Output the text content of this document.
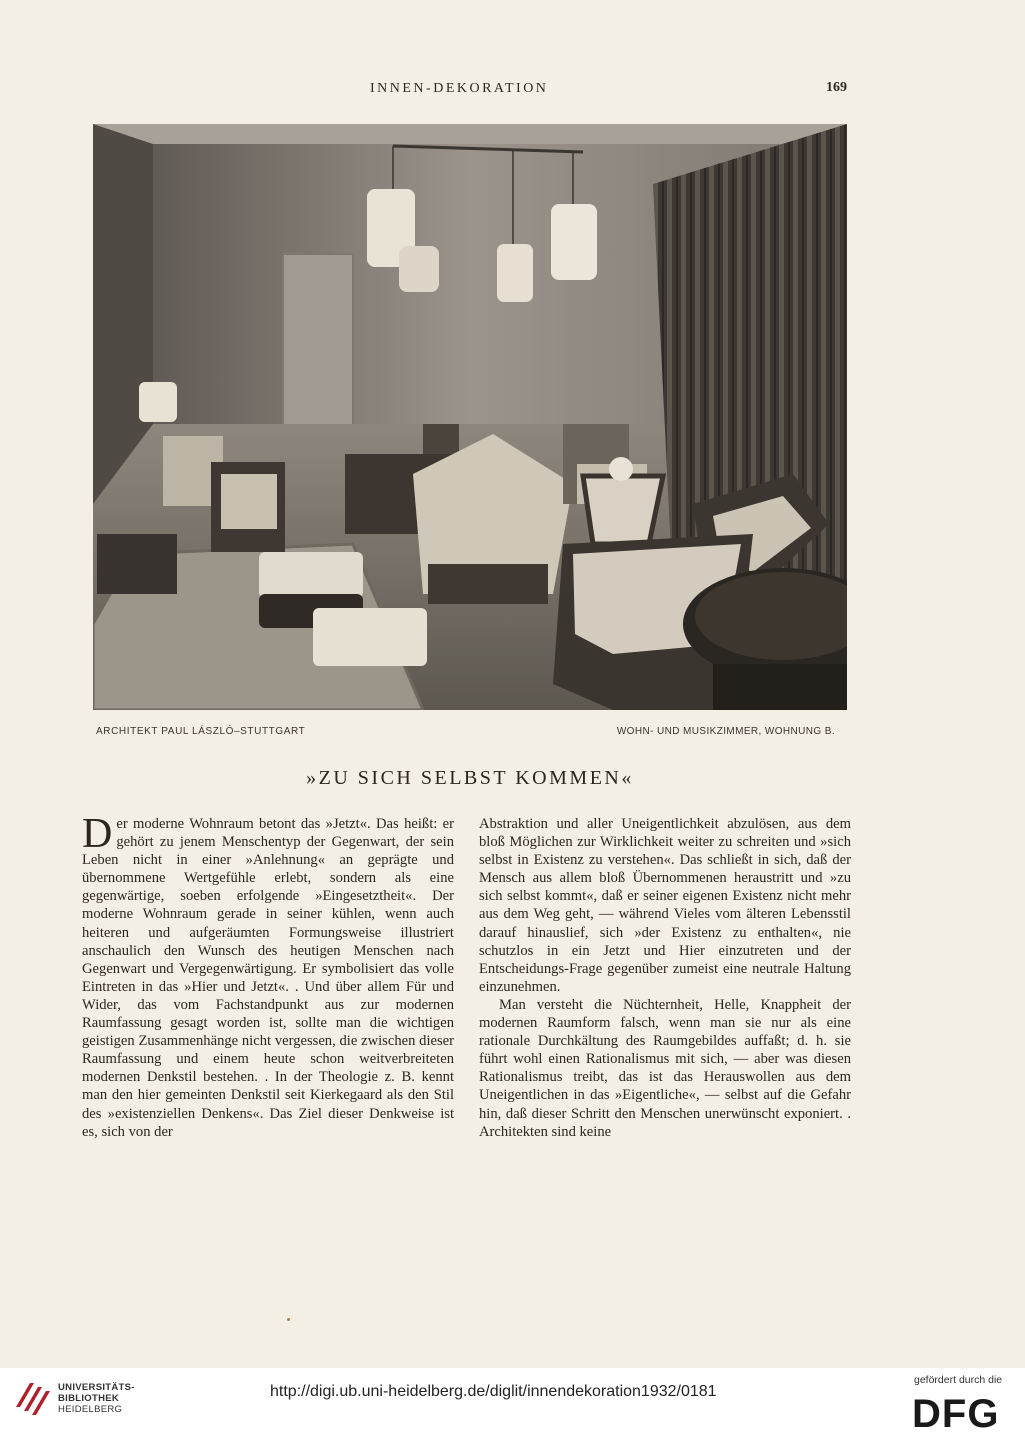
INNEN-DEKORATION	169
ARCHITEKT PAUL LÁSZLÓ–STUTTGART	WOHN- UND MUSIKZIMMER, WOHNUNG B.
»ZU SICH SELBST KOMMEN«

Der moderne Wohnraum betont das »Jetzt«. Das heißt: er gehört zu jenem Menschentyp der Gegenwart, der sein Leben nicht in einer »Anlehnung« an geprägte und übernommene Wertgefühle erlebt, sondern als eine gegenwärtige, soeben erfolgende »Eingesetztheit«. Der moderne Wohnraum gerade in seiner kühlen, wenn auch heiteren und aufgeräumten Formungsweise illustriert anschaulich den Wunsch des heutigen Menschen nach Gegenwart und Vergegenwärtigung. Er symbolisiert das volle Eintreten in das »Hier und Jetzt«. . Und über allem Für und Wider, das vom Fachstandpunkt aus zur modernen Raumfassung gesagt worden ist, sollte man die wichtigen geistigen Zusammenhänge nicht vergessen, die zwischen dieser Raumfassung und einem heute schon weitverbreiteten modernen Denkstil bestehen. . In der Theologie z. B. kennt man den hier gemeinten Denkstil seit Kierkegaard als den Stil des »existenziellen Denkens«. Das Ziel dieser Denkweise ist es, sich von der

Abstraktion und aller Uneigentlichkeit abzulösen, aus dem bloß Möglichen zur Wirklichkeit weiter zu schreiten und »sich selbst in Existenz zu verstehen«. Das schließt in sich, daß der Mensch aus allem bloß Übernommenen heraustritt und »zu sich selbst kommt«, daß er seiner eigenen Existenz nicht mehr aus dem Weg geht, — während Vieles vom älteren Lebensstil darauf hinauslief, sich »der Existenz zu enthalten«, nie schutzlos in ein Jetzt und Hier einzutreten und der Entscheidungs-Frage gegenüber zumeist eine neutrale Haltung einzunehmen.

Man versteht die Nüchternheit, Helle, Knappheit der modernen Raumform falsch, wenn man sie nur als eine rationale Durchkältung des Raumgebildes auffaßt; d. h. sie führt wohl einen Rationalismus mit sich, — aber was diesen Rationalismus treibt, das ist das Herauswollen aus dem Uneigentlichen in das »Eigentliche«, — selbst auf die Gefahr hin, daß dieser Schritt den Menschen unerwünscht exponiert. . Architekten sind keine

UNIVERSITÄTS-
BIBLIOTHEK
HEIDELBERG
http://digi.ub.uni-heidelberg.de/diglit/innendekoration1932/0181
gefördert durch die
DFG
